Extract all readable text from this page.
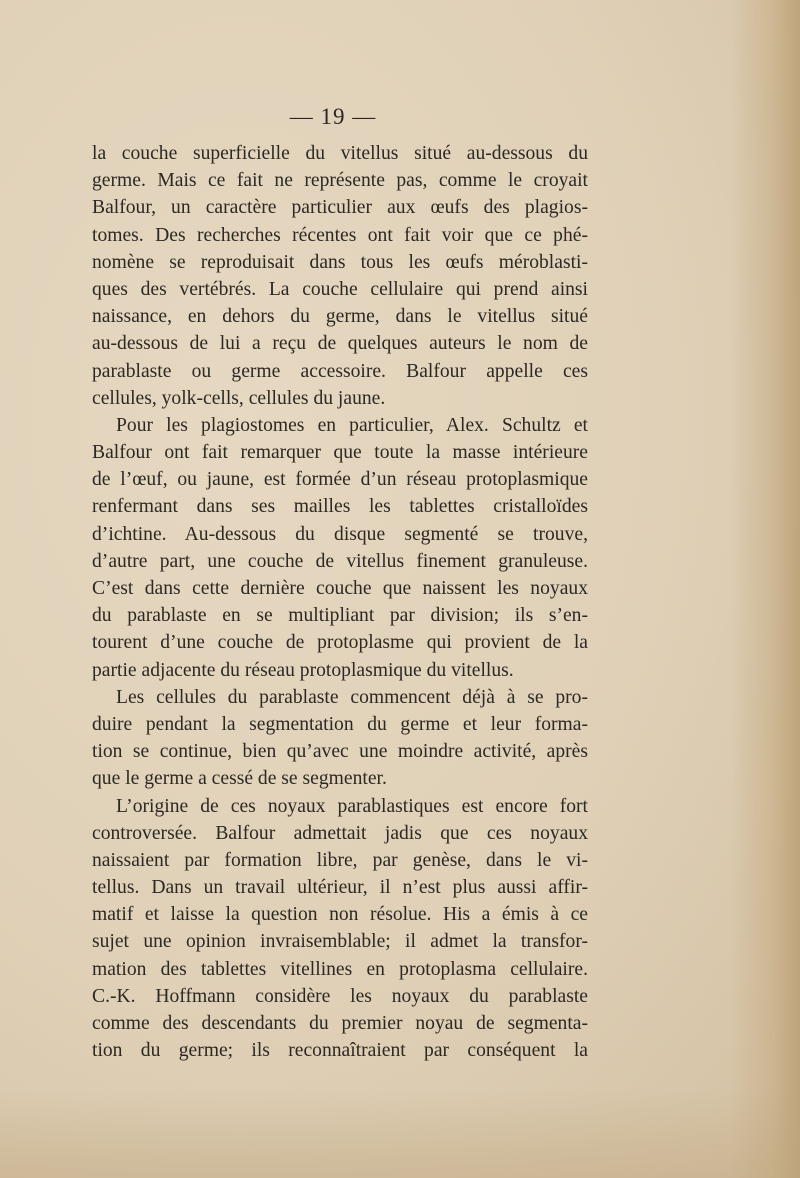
— 19 —
la couche superficielle du vitellus situé au-dessous du
germe. Mais ce fait ne représente pas, comme le croyait
Balfour, un caractère particulier aux œufs des plagios-
tomes. Des recherches récentes ont fait voir que ce phé-
nomène se reproduisait dans tous les œufs méroblasti-
ques des vertébrés. La couche cellulaire qui prend ainsi
naissance, en dehors du germe, dans le vitellus situé
au-dessous de lui a reçu de quelques auteurs le nom de
parablaste ou germe accessoire. Balfour appelle ces
cellules, yolk-cells, cellules du jaune.
Pour les plagiostomes en particulier, Alex. Schultz et
Balfour ont fait remarquer que toute la masse intérieure
de l’œuf, ou jaune, est formée d’un réseau protoplasmique
renfermant dans ses mailles les tablettes cristalloïdes
d’ichtine. Au-dessous du disque segmenté se trouve,
d’autre part, une couche de vitellus finement granuleuse.
C’est dans cette dernière couche que naissent les noyaux
du parablaste en se multipliant par division; ils s’en-
tourent d’une couche de protoplasme qui provient de la
partie adjacente du réseau protoplasmique du vitellus.
Les cellules du parablaste commencent déjà à se pro-
duire pendant la segmentation du germe et leur forma-
tion se continue, bien qu’avec une moindre activité, après
que le germe a cessé de se segmenter.
L’origine de ces noyaux parablastiques est encore fort
controversée. Balfour admettait jadis que ces noyaux
naissaient par formation libre, par genèse, dans le vi-
tellus. Dans un travail ultérieur, il n’est plus aussi affir-
matif et laisse la question non résolue. His a émis à ce
sujet une opinion invraisemblable; il admet la transfor-
mation des tablettes vitellines en protoplasma cellulaire.
C.-K. Hoffmann considère les noyaux du parablaste
comme des descendants du premier noyau de segmenta-
tion du germe; ils reconnaîtraient par conséquent la
